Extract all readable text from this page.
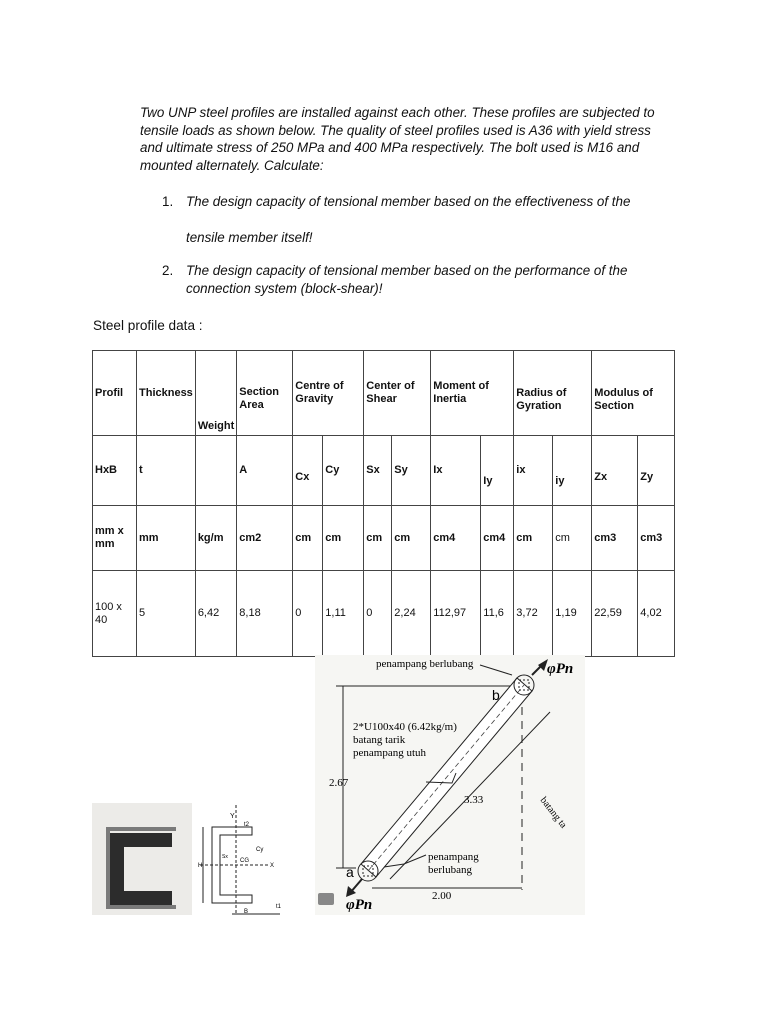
Two UNP steel profiles are installed against each other. These profiles are subjected to tensile loads as shown below. The quality of steel profiles used is A36 with yield stress and ultimate stress of 250 MPa and 400 MPa respectively. The bolt used is M16 and mounted alternately. Calculate:

1. The design capacity of tensional member based on the effectiveness of the
tensile member itself!
2. The design capacity of tensional member based on the performance of the connection system (block-shear)!
Steel profile data :
Profil	Thickness	Weight	Section Area	Centre of Gravity		Center of Shear		Moment of Inertia		Radius of Gyration		Modulus of Section	
HxB	t		A	Cx	Cy	Sx	Sy	Ix	Iy	ix	iy	Zx	Zy
mm x mm	mm	kg/m	cm2	cm	cm	cm	cm	cm4	cm4	cm	cm	cm3	cm3
100 x 40	5	6,42	8,18	0	1,11	0	2,24	112,97	11,6	3,72	1,19	22,59	4,02
Y
H
CG
X
Sx
t1
t2
B
Cy
penampang berlubang	φPn
b
2*U100x40 (6.42kg/m)
batang tarik
penampang utuh
2.67
3.33
2.00
batang ta
penampang
berlubang
a
φPn
